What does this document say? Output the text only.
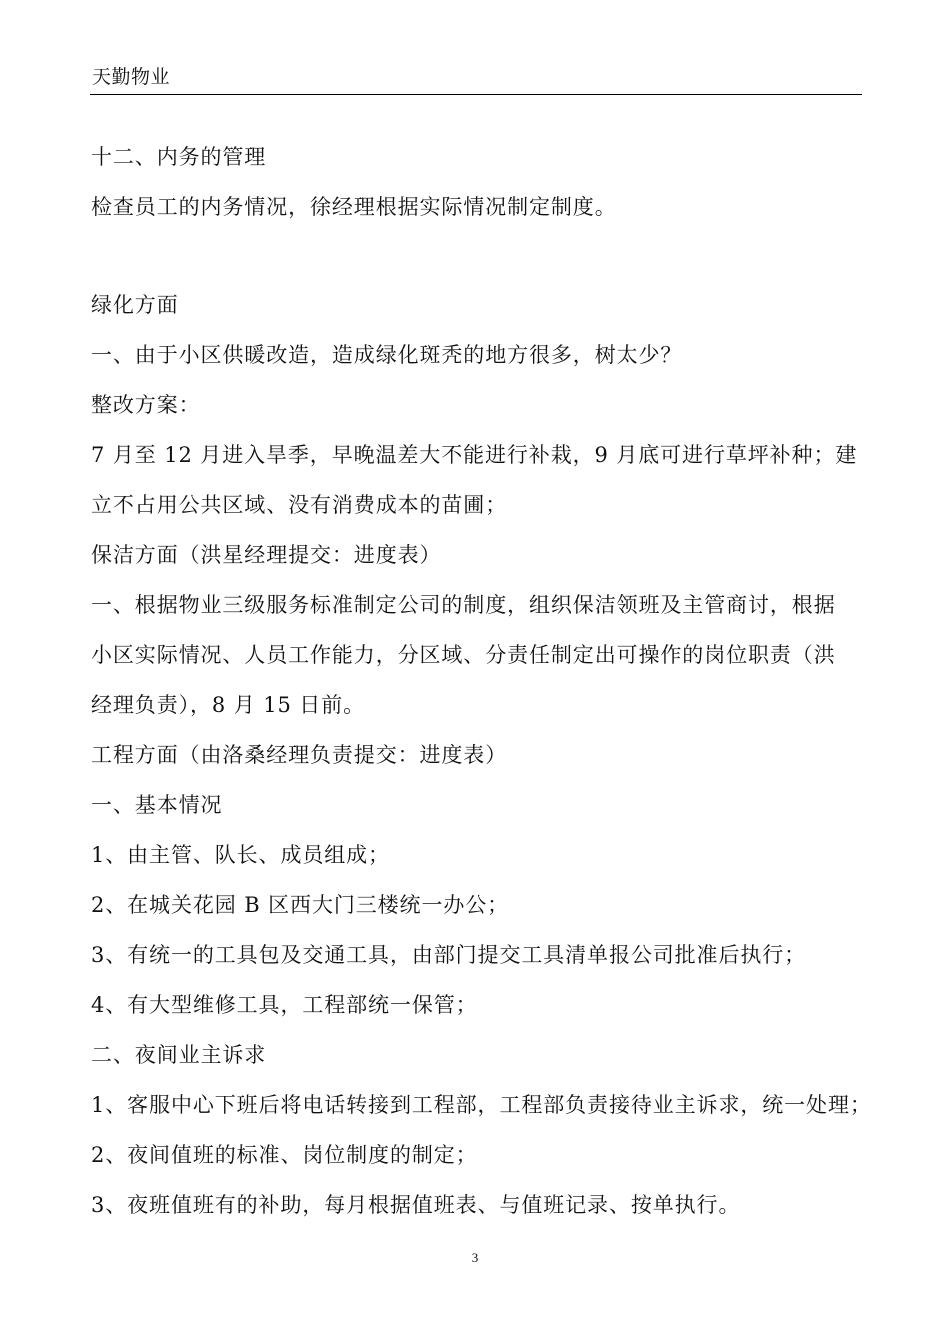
天勤物业
十二、内务的管理
检查员工的内务情况，徐经理根据实际情况制定制度。
绿化方面
一、由于小区供暖改造，造成绿化斑秃的地方很多，树太少？
整改方案：
7 月至 12 月进入旱季，早晚温差大不能进行补栽，9 月底可进行草坪补种；建
立不占用公共区域、没有消费成本的苗圃；
保洁方面（洪星经理提交：进度表）
一、根据物业三级服务标准制定公司的制度，组织保洁领班及主管商讨，根据
小区实际情况、人员工作能力，分区域、分责任制定出可操作的岗位职责（洪
经理负责），8 月 15 日前。
工程方面（由洛桑经理负责提交：进度表）
一、基本情况
1、由主管、队长、成员组成；
2、在城关花园 B 区西大门三楼统一办公；
3、有统一的工具包及交通工具，由部门提交工具清单报公司批准后执行；
4、有大型维修工具，工程部统一保管；
二、夜间业主诉求
1、客服中心下班后将电话转接到工程部，工程部负责接待业主诉求，统一处理；
2、夜间值班的标准、岗位制度的制定；
3、夜班值班有的补助，每月根据值班表、与值班记录、按单执行。
3
